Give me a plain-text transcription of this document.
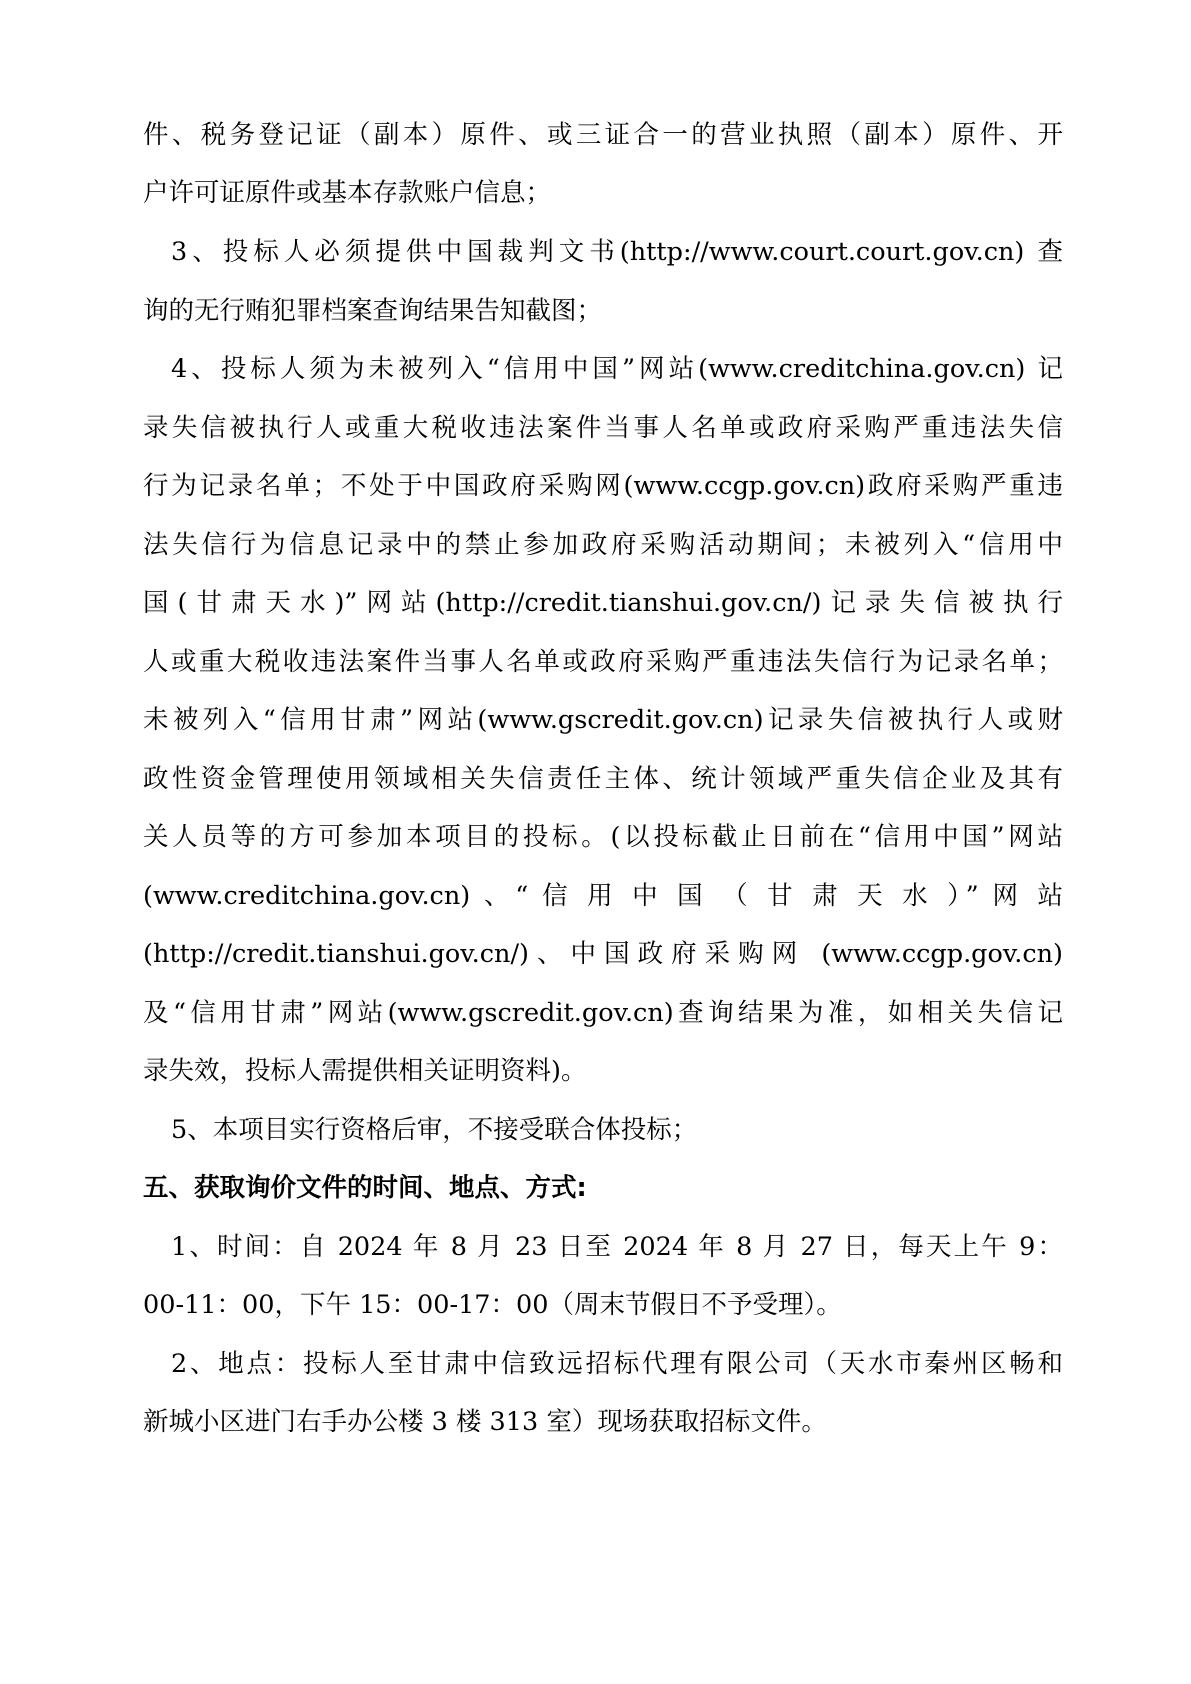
件、税务登记证（副本）原件、或三证合一的营业执照（副本）原件、开
户许可证原件或基本存款账户信息；
3、投标人必须提供中国裁判文书(http://www.court.court.gov.cn) 查
询的无行贿犯罪档案查询结果告知截图；
4、投标人须为未被列入“信用中国”网站(www.creditchina.gov.cn) 记
录失信被执行人或重大税收违法案件当事人名单或政府采购严重违法失信
行为记录名单；不处于中国政府采购网(www.ccgp.gov.cn)政府采购严重违
法失信行为信息记录中的禁止参加政府采购活动期间；未被列入“信用中
国(甘肃天水)”网站(http://credit.tianshui.gov.cn/)记录失信被执行
人或重大税收违法案件当事人名单或政府采购严重违法失信行为记录名单；
未被列入“信用甘肃”网站(www.gscredit.gov.cn)记录失信被执行人或财
政性资金管理使用领域相关失信责任主体、统计领域严重失信企业及其有
关人员等的方可参加本项目的投标。(以投标截止日前在“信用中国”网站
(www.creditchina.gov.cn) 、“ 信 用 中 国 （ 甘 肃 天 水 ）” 网 站
(http://credit.tianshui.gov.cn/)、中国政府采购网 (www.ccgp.gov.cn)
及“信用甘肃”网站(www.gscredit.gov.cn)查询结果为准，如相关失信记
录失效，投标人需提供相关证明资料)。
5、本项目实行资格后审，不接受联合体投标；
五、获取询价文件的时间、地点、方式:
1、时间：自 2024 年 8 月 23 日至 2024 年 8 月 27 日，每天上午 9：
00-11：00，下午 15：00-17：00（周末节假日不予受理）。
2、地点：投标人至甘肃中信致远招标代理有限公司（天水市秦州区畅和
新城小区进门右手办公楼 3 楼 313 室）现场获取招标文件。
